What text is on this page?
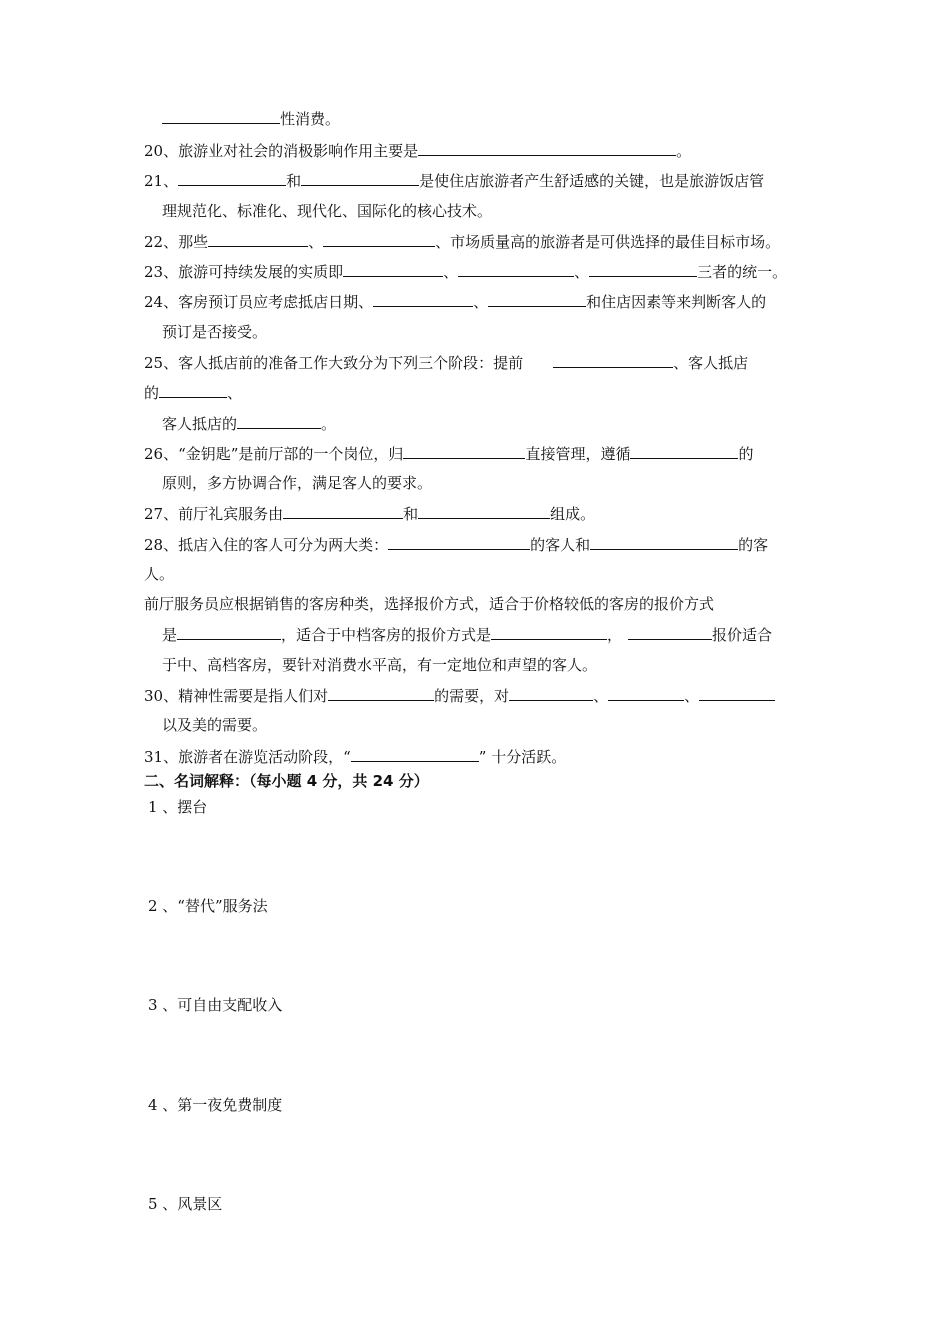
性消费。
20、旅游业对社会的消极影响作用主要是	。
21、	和	是使住店旅游者产生舒适感的关键，也是旅游饭店管
理规范化、标准化、现代化、国际化的核心技术。
22、那些	、	、市场质量高的旅游者是可供选择的最佳目标市场。
23、旅游可持续发展的实质即	、	、	三者的统一。
24、客房预订员应考虑抵店日期、	、	和住店因素等来判断客人的
预订是否接受。
25、客人抵店前的准备工作大致分为下列三个阶段：提前	、客人抵店
的	、
客人抵店的	。
26、“金钥匙”是前厅部的一个岗位，归	直接管理，遵循	的
原则，多方协调合作，满足客人的要求。
27、前厅礼宾服务由	和	组成。
28、抵店入住的客人可分为两大类：	的客人和	的客
人。
前厅服务员应根据销售的客房种类，选择报价方式，适合于价格较低的客房的报价方式
是	，适合于中档客房的报价方式是	，	报价适合
于中、高档客房，要针对消费水平高，有一定地位和声望的客人。
30、精神性需要是指人们对	的需要，对	、	、
以及美的需要。
31、旅游者在游览活动阶段，“	” 十分活跃。
二、名词解释：（每小题 4 分，共 24 分）
1 、摆台
2 、“替代”服务法
3 、可自由支配收入
4 、第一夜免费制度
5 、风景区
